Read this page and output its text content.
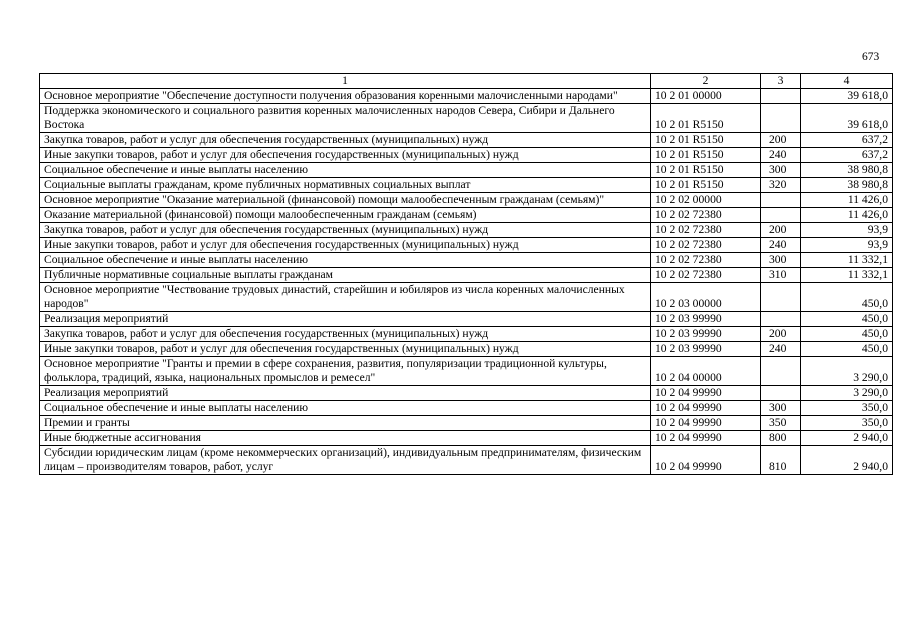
673
1	2	3	4
Основное мероприятие "Обеспечение доступности получения образования коренными малочисленными народами"	10 2 01 00000		39 618,0
Поддержка экономического и социального развития коренных малочисленных народов Севера, Сибири и Дальнего Востока	10 2 01 R5150		39 618,0
Закупка товаров, работ и услуг для обеспечения государственных (муниципальных) нужд	10 2 01 R5150	200	637,2
Иные закупки товаров, работ и услуг для обеспечения государственных (муниципальных) нужд	10 2 01 R5150	240	637,2
Социальное обеспечение и иные выплаты населению	10 2 01 R5150	300	38 980,8
Социальные выплаты гражданам, кроме публичных нормативных социальных выплат	10 2 01 R5150	320	38 980,8
Основное мероприятие "Оказание материальной (финансовой) помощи малообеспеченным гражданам (семьям)"	10 2 02 00000		11 426,0
Оказание материальной (финансовой) помощи малообеспеченным гражданам (семьям)	10 2 02 72380		11 426,0
Закупка товаров, работ и услуг для обеспечения государственных (муниципальных) нужд	10 2 02 72380	200	93,9
Иные закупки товаров, работ и услуг для обеспечения государственных (муниципальных) нужд	10 2 02 72380	240	93,9
Социальное обеспечение и иные выплаты населению	10 2 02 72380	300	11 332,1
Публичные нормативные социальные выплаты гражданам	10 2 02 72380	310	11 332,1
Основное мероприятие "Чествование трудовых династий, старейшин и юбиляров из числа коренных малочисленных народов"	10 2 03 00000		450,0
Реализация мероприятий	10 2 03 99990		450,0
Закупка товаров, работ и услуг для обеспечения государственных (муниципальных) нужд	10 2 03 99990	200	450,0
Иные закупки товаров, работ и услуг для обеспечения государственных (муниципальных) нужд	10 2 03 99990	240	450,0
Основное мероприятие "Гранты и премии в сфере сохранения, развития, популяризации традиционной культуры, фольклора, традиций, языка, национальных промыслов и ремесел"	10 2 04 00000		3 290,0
Реализация мероприятий	10 2 04 99990		3 290,0
Социальное обеспечение и иные выплаты населению	10 2 04 99990	300	350,0
Премии и гранты	10 2 04 99990	350	350,0
Иные бюджетные ассигнования	10 2 04 99990	800	2 940,0
Субсидии юридическим лицам (кроме некоммерческих организаций), индивидуальным предпринимателям, физическим лицам – производителям товаров, работ, услуг	10 2 04 99990	810	2 940,0
